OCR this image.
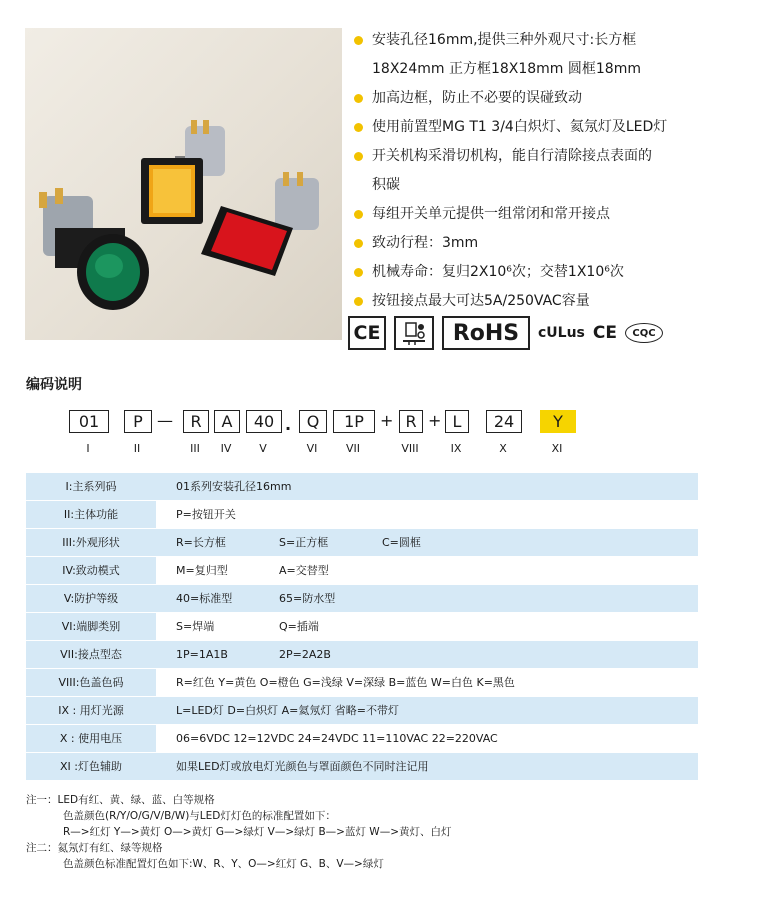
安装孔径16mm,提供三种外观尺寸:长方框
18X24mm 正方框18X18mm 圆框18mm
加高边框，防止不必要的误碰致动
使用前置型MG T1 3/4白炽灯、氦氖灯及LED灯
开关机构采滑切机构，能自行清除接点表面的
积碳
每组开关单元提供一组常闭和常开接点
致动行程：3mm
机械寿命：复归2X10⁶次；交替1X10⁶次
按钮接点最大可达5A/250VAC容量
CE	RoHS cULus CE CQC
编码说明
01	P —	R	A	40 . Q	1P	+ R + L	24	Y
I	II	III	IV	V	VI	VII	VIII	IX	X	XI
I:主系列码	01系列安装孔径16mm
II:主体功能	P=按钮开关
III:外观形状	R=长方框	S=正方框	C=圆框
IV:致动模式	M=复归型	A=交替型
V:防护等级	40=标准型	65=防水型
VI:端脚类别	S=焊端	Q=插端
VII:接点型态	1P=1A1B	2P=2A2B
VIII:色盖色码	R=红色 Y=黄色 O=橙色 G=浅绿 V=深绿 B=蓝色 W=白色 K=黑色
IX : 用灯光源	L=LED灯 D=白炽灯 A=氦氖灯 省略=不带灯
X : 使用电压	06=6VDC 12=12VDC 24=24VDC 11=110VAC 22=220VAC
XI :灯色辅助	如果LED灯或放电灯光颜色与罩面颜色不同时注记用
注一：LED有红、黄、绿、蓝、白等规格
色盖颜色(R/Y/O/G/V/B/W)与LED灯灯色的标准配置如下：
R—>红灯 Y—>黄灯 O—>黄灯 G—>绿灯 V—>绿灯 B—>蓝灯 W—>黄灯、白灯
注二：氦氖灯有红、绿等规格
色盖颜色标准配置灯色如下:W、R、Y、O—>红灯 G、B、V—>绿灯
